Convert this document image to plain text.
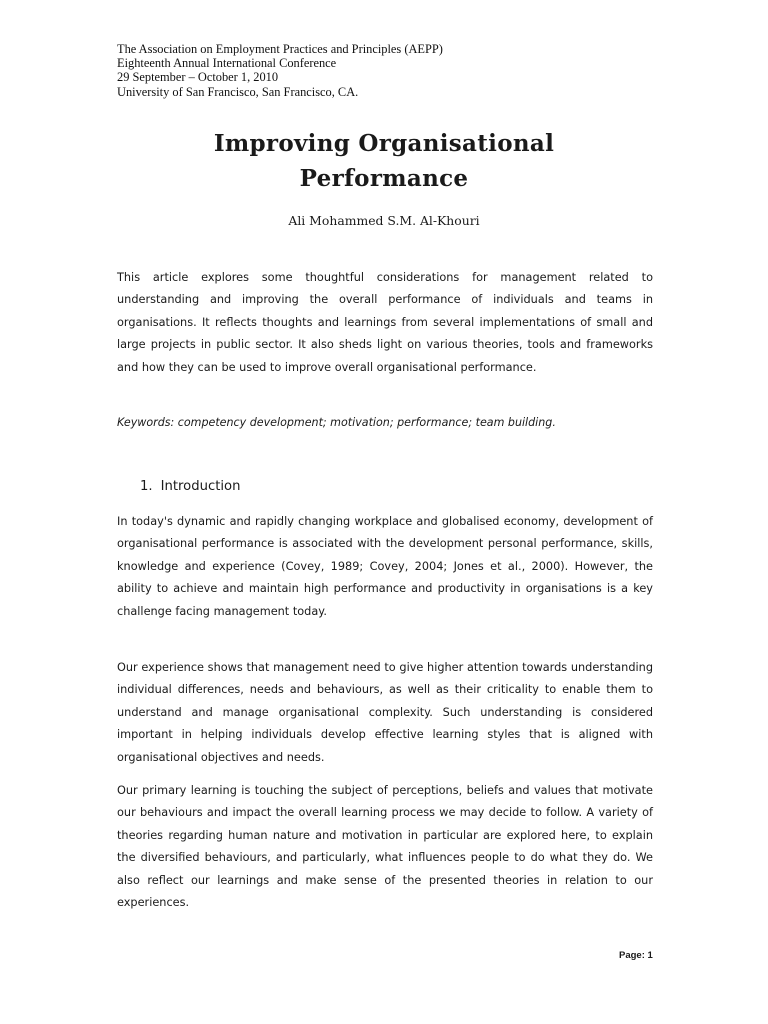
The Association on Employment Practices and Principles (AEPP)
Eighteenth Annual International Conference
29 September – October 1, 2010
University of San Francisco, San Francisco, CA.
Improving Organisational
Performance
Ali Mohammed S.M. Al-Khouri

This article explores some thoughtful considerations for management related to understanding and improving the overall performance of individuals and teams in organisations. It reflects thoughts and learnings from several implementations of small and large projects in public sector. It also sheds light on various theories, tools and frameworks and how they can be used to improve overall organisational performance.

Keywords: competency development; motivation; performance; team building.
1. Introduction

In today's dynamic and rapidly changing workplace and globalised economy, development of organisational performance is associated with the development personal performance, skills, knowledge and experience (Covey, 1989; Covey, 2004; Jones et al., 2000). However, the ability to achieve and maintain high performance and productivity in organisations is a key challenge facing management today.

Our experience shows that management need to give higher attention towards understanding individual differences, needs and behaviours, as well as their criticality to enable them to understand and manage organisational complexity. Such understanding is considered important in helping individuals develop effective learning styles that is aligned with organisational objectives and needs.

Our primary learning is touching the subject of perceptions, beliefs and values that motivate our behaviours and impact the overall learning process we may decide to follow. A variety of theories regarding human nature and motivation in particular are explored here, to explain the diversified behaviours, and particularly, what influences people to do what they do. We also reflect our learnings and make sense of the presented theories in relation to our experiences.

Page: 1
